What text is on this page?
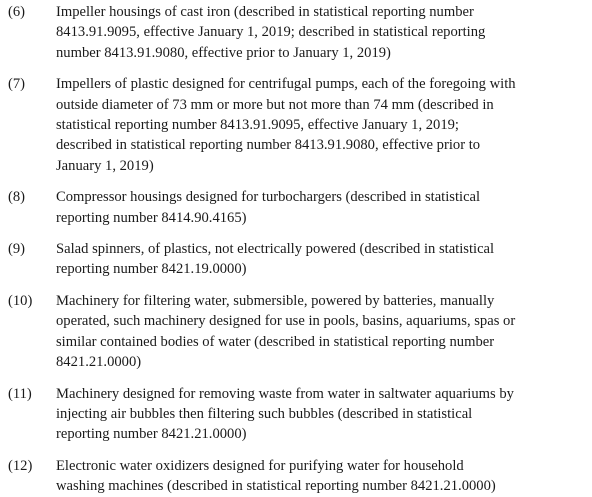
(6)	Impeller housings of cast iron (described in statistical reporting number
8413.91.9095, effective January 1, 2019; described in statistical reporting
number 8413.91.9080, effective prior to January 1, 2019)
(7)	Impellers of plastic designed for centrifugal pumps, each of the foregoing with
outside diameter of 73 mm or more but not more than 74 mm (described in
statistical reporting number 8413.91.9095, effective January 1, 2019;
described in statistical reporting number 8413.91.9080, effective prior to
January 1, 2019)
(8)	Compressor housings designed for turbochargers (described in statistical
reporting number 8414.90.4165)
(9)	Salad spinners, of plastics, not electrically powered (described in statistical
reporting number 8421.19.0000)
(10)	Machinery for filtering water, submersible, powered by batteries, manually
operated, such machinery designed for use in pools, basins, aquariums, spas or
similar contained bodies of water (described in statistical reporting number
8421.21.0000)
(11)	Machinery designed for removing waste from water in saltwater aquariums by
injecting air bubbles then filtering such bubbles (described in statistical
reporting number 8421.21.0000)
(12)	Electronic water oxidizers designed for purifying water for household
washing machines (described in statistical reporting number 8421.21.0000)
